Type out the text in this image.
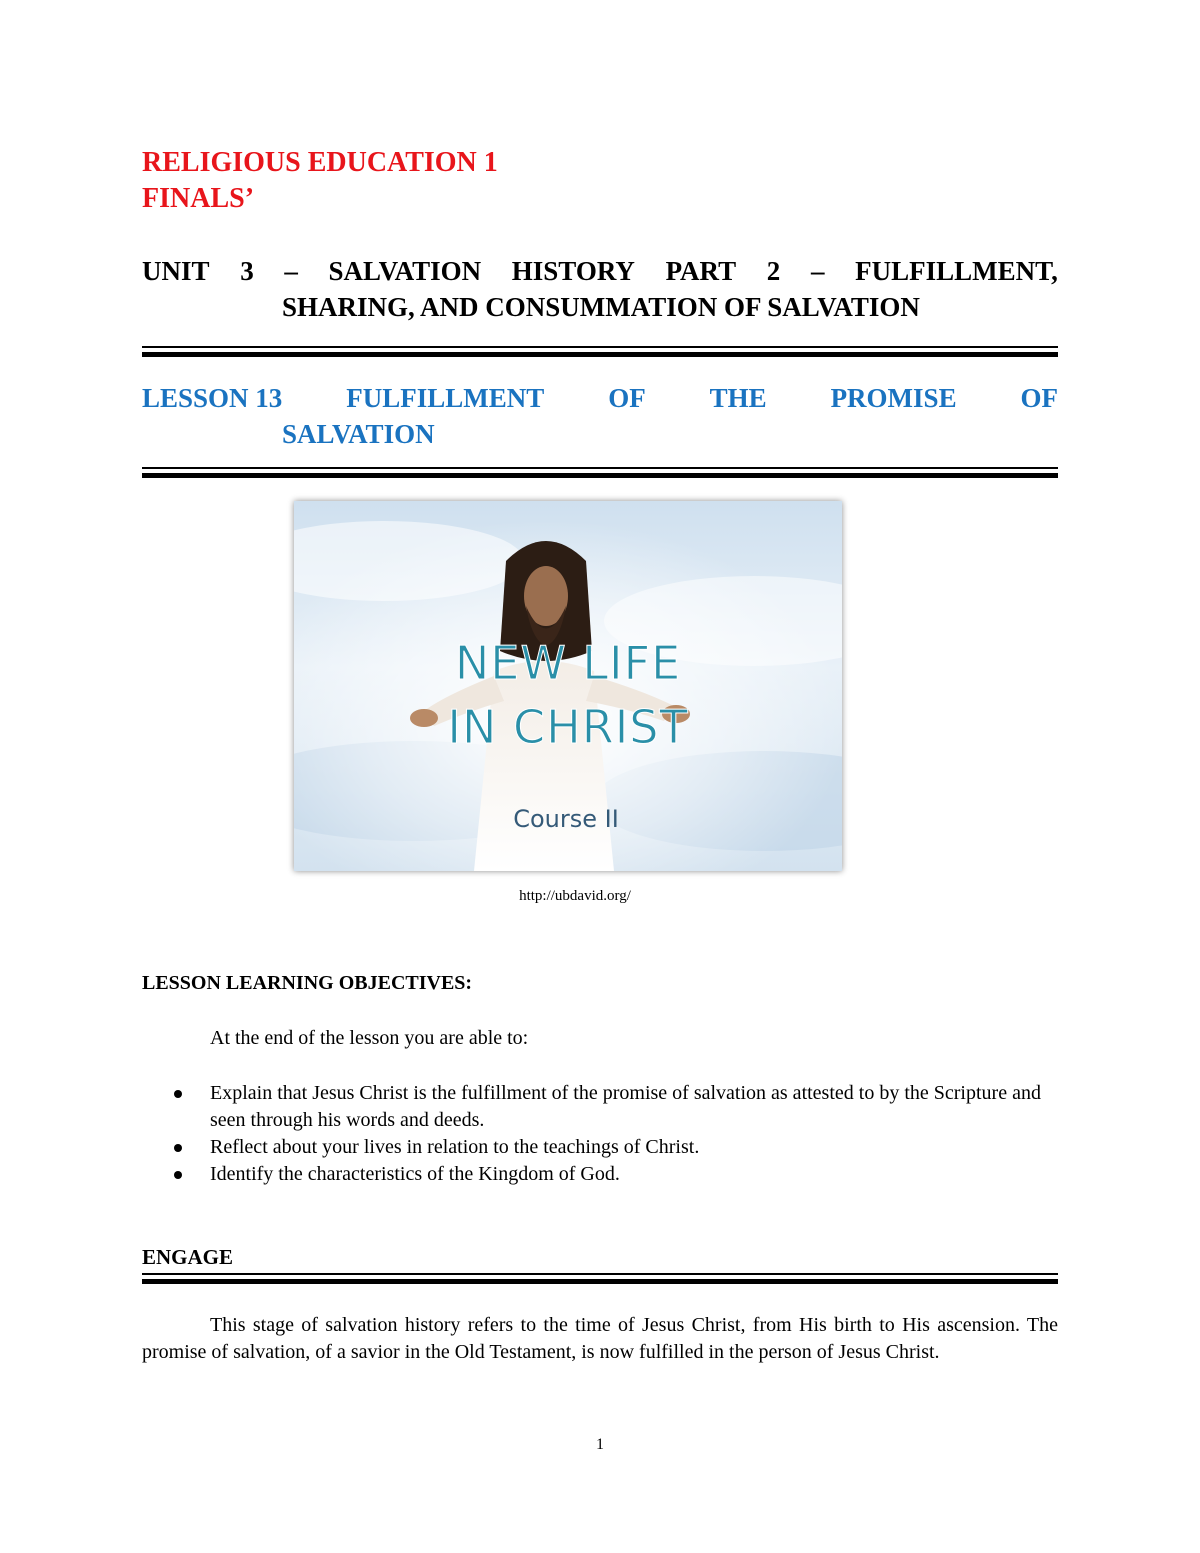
RELIGIOUS EDUCATION 1
FINALS’
UNIT 3 – SALVATION HISTORY PART 2 – FULFILLMENT,
SHARING, AND CONSUMMATION OF SALVATION
LESSON 13 FULFILLMENT OF THE PROMISE OF
SALVATION
NEW LIFE
IN CHRIST
Course II
http://ubdavid.org/
LESSON LEARNING OBJECTIVES:
At the end of the lesson you are able to:
Explain that Jesus Christ is the fulfillment of the promise of salvation as attested to by the Scripture and seen through his words and deeds.
Reflect about your lives in relation to the teachings of Christ.
Identify the characteristics of the Kingdom of God.
ENGAGE

This stage of salvation history refers to the time of Jesus Christ, from His birth to His ascension. The promise of salvation, of a savior in the Old Testament, is now fulfilled in the person of Jesus Christ.

1
